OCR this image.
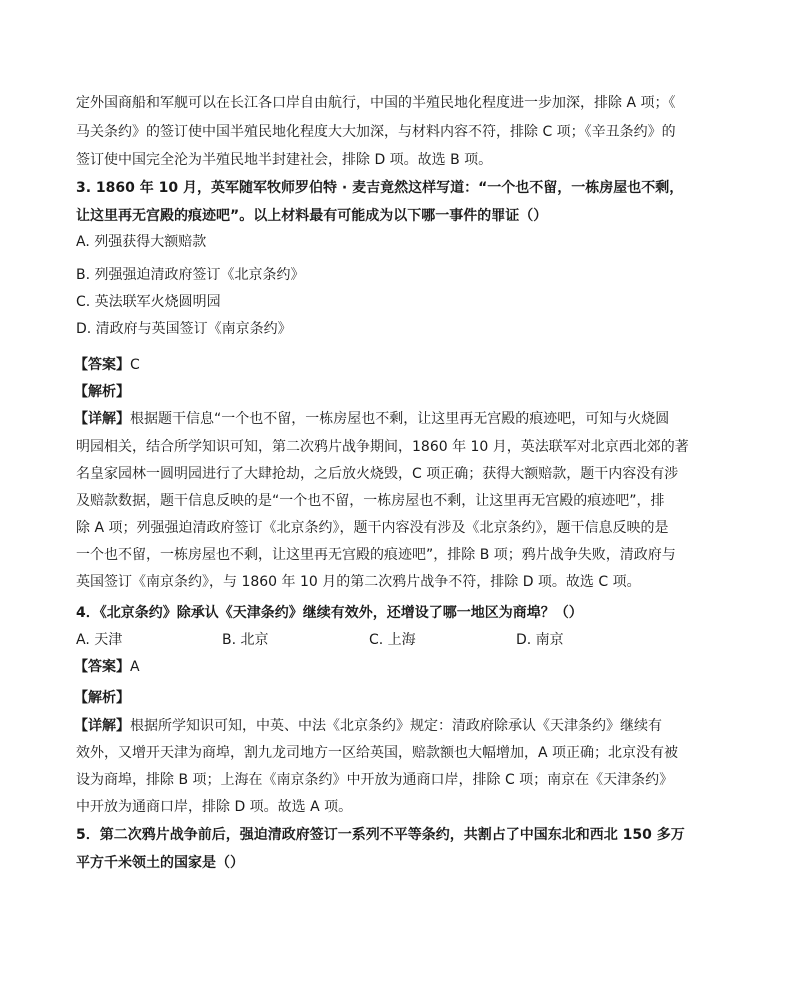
定外国商船和军舰可以在长江各口岸自由航行，中国的半殖民地化程度进一步加深，排除 A 项；《
马关条约》的签订使中国半殖民地化程度大大加深，与材料内容不符，排除 C 项；《辛丑条约》的
签订使中国完全沦为半殖民地半封建社会，排除 D 项。故选 B 项。
3. 1860 年 10 月，英军随军牧师罗伯特 · 麦吉竟然这样写道：“一个也不留，一栋房屋也不剩，
让这里再无宫殿的痕迹吧”。以上材料最有可能成为以下哪一事件的罪证（）
A. 列强获得大额赔款
B. 列强强迫清政府签订《北京条约》
C. 英法联军火烧圆明园
D. 清政府与英国签订《南京条约》
【答案】C
【解析】
【详解】根据题干信息“一个也不留，一栋房屋也不剩，让这里再无宫殿的痕迹吧，可知与火烧圆
明园相关，结合所学知识可知，第二次鸦片战争期间，1860 年 10 月，英法联军对北京西北郊的著
名皇家园林一圆明园进行了大肆抢劫，之后放火烧毁，C 项正确；获得大额赔款，题干内容没有涉
及赔款数据，题干信息反映的是“一个也不留，一栋房屋也不剩，让这里再无宫殿的痕迹吧”，排
除 A 项；列强强迫清政府签订《北京条约》，题干内容没有涉及《北京条约》，题干信息反映的是
一个也不留，一栋房屋也不剩，让这里再无宫殿的痕迹吧”，排除 B 项；鸦片战争失败，清政府与
英国签订《南京条约》，与 1860 年 10 月的第二次鸦片战争不符，排除 D 项。故选 C 项。
4．《北京条约》除承认《天津条约》继续有效外，还增设了哪一地区为商埠？（）
A. 天津	B. 北京	C. 上海	D. 南京
【答案】A
【解析】
【详解】根据所学知识可知，中英、中法《北京条约》规定：清政府除承认《天津条约》继续有
效外，又增开天津为商埠，割九龙司地方一区给英国，赔款额也大幅增加，A 项正确；北京没有被
设为商埠，排除 B 项；上海在《南京条约》中开放为通商口岸，排除 C 项；南京在《天津条约》
中开放为通商口岸，排除 D 项。故选 A 项。
5．第二次鸦片战争前后，强迫清政府签订一系列不平等条约，共割占了中国东北和西北 150 多万
平方千米领土的国家是（）
